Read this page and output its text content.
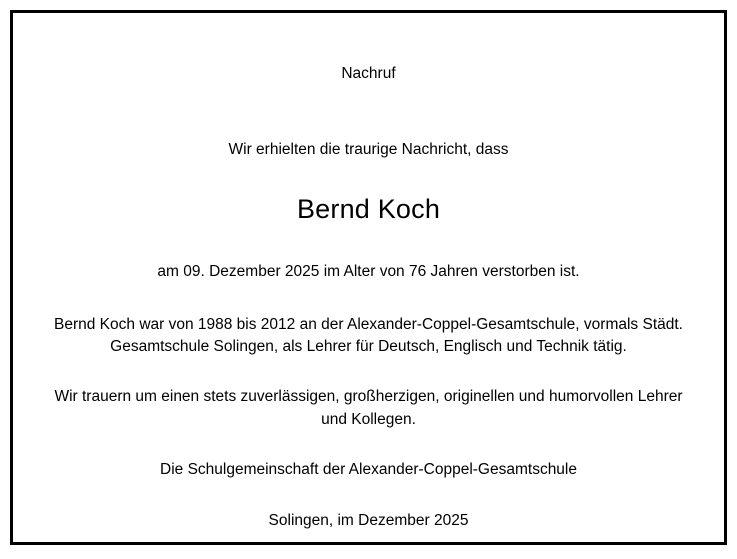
Nachruf
Wir erhielten die traurige Nachricht, dass
Bernd Koch
am 09. Dezember 2025 im Alter von 76 Jahren verstorben ist.
Bernd Koch war von 1988 bis 2012 an der Alexander-Coppel-Gesamtschule, vormals Städt. Gesamtschule Solingen, als Lehrer für Deutsch, Englisch und Technik tätig.
Wir trauern um einen stets zuverlässigen, großherzigen, originellen und humorvollen Lehrer und Kollegen.
Die Schulgemeinschaft der Alexander-Coppel-Gesamtschule
Solingen, im Dezember 2025
